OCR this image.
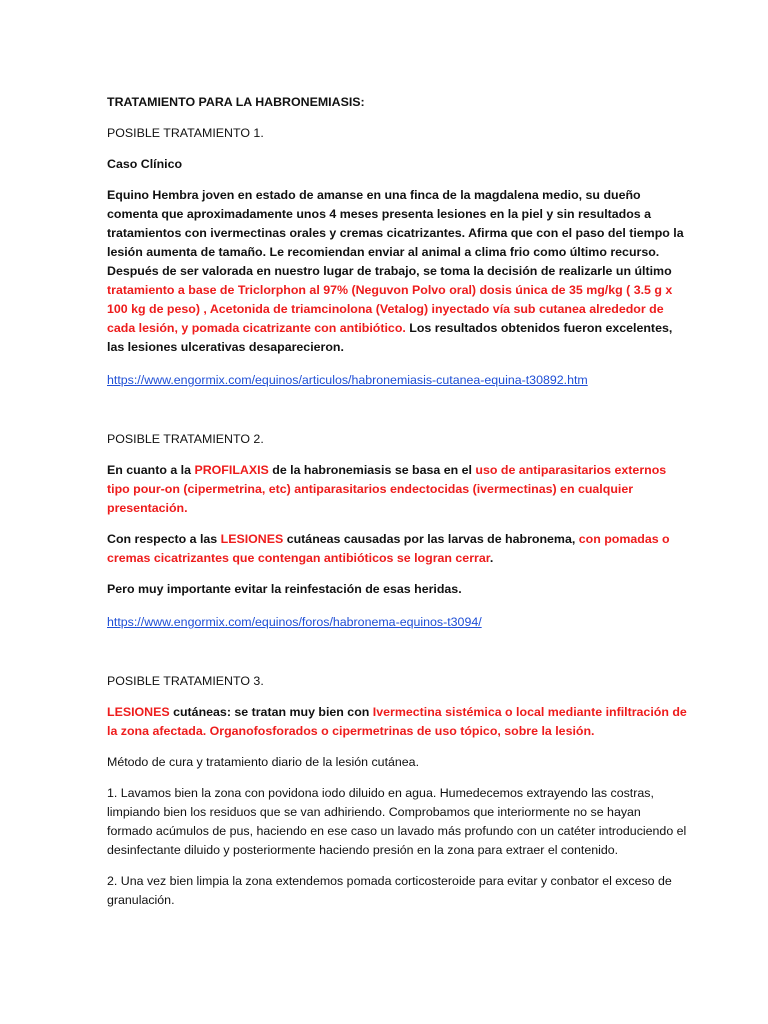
TRATAMIENTO PARA LA HABRONEMIASIS:

POSIBLE TRATAMIENTO 1.

Caso Clínico

Equino Hembra joven en estado de amanse en una finca de la magdalena medio, su dueño comenta que aproximadamente unos 4 meses presenta lesiones en la piel y sin resultados a tratamientos con ivermectinas orales y cremas cicatrizantes. Afirma que con el paso del tiempo la lesión aumenta de tamaño. Le recomiendan enviar al animal a clima frio como último recurso. Después de ser valorada en nuestro lugar de trabajo, se toma la decisión de realizarle un último tratamiento a base de Triclorphon al 97% (Neguvon Polvo oral) dosis única de 35 mg/kg ( 3.5 g x 100 kg de peso) , Acetonida de triamcinolona (Vetalog) inyectado vía sub cutanea alrededor de cada lesión, y pomada cicatrizante con antibiótico. Los resultados obtenidos fueron excelentes, las lesiones ulcerativas desaparecieron.

https://www.engormix.com/equinos/articulos/habronemiasis-cutanea-equina-t30892.htm

POSIBLE TRATAMIENTO 2.

En cuanto a la PROFILAXIS de la habronemiasis se basa en el uso de antiparasitarios externos tipo pour-on (cipermetrina, etc) antiparasitarios endectocidas (ivermectinas) en cualquier presentación.

Con respecto a las LESIONES cutáneas causadas por las larvas de habronema, con pomadas o cremas cicatrizantes que contengan antibióticos se logran cerrar.

Pero muy importante evitar la reinfestación de esas heridas.

https://www.engormix.com/equinos/foros/habronema-equinos-t3094/

POSIBLE TRATAMIENTO 3.

LESIONES cutáneas: se tratan muy bien con Ivermectina sistémica o local mediante infiltración de la zona afectada. Organofosforados o cipermetrinas de uso tópico, sobre la lesión.

Método de cura y tratamiento diario de la lesión cutánea.

1. Lavamos bien la zona con povidona iodo diluido en agua. Humedecemos extrayendo las costras, limpiando bien los residuos que se van adhiriendo. Comprobamos que interiormente no se hayan formado acúmulos de pus, haciendo en ese caso un lavado más profundo con un catéter introduciendo el desinfectante diluido y posteriormente haciendo presión en la zona para extraer el contenido.

2. Una vez bien limpia la zona extendemos pomada corticosteroide para evitar y conbator el exceso de granulación.
